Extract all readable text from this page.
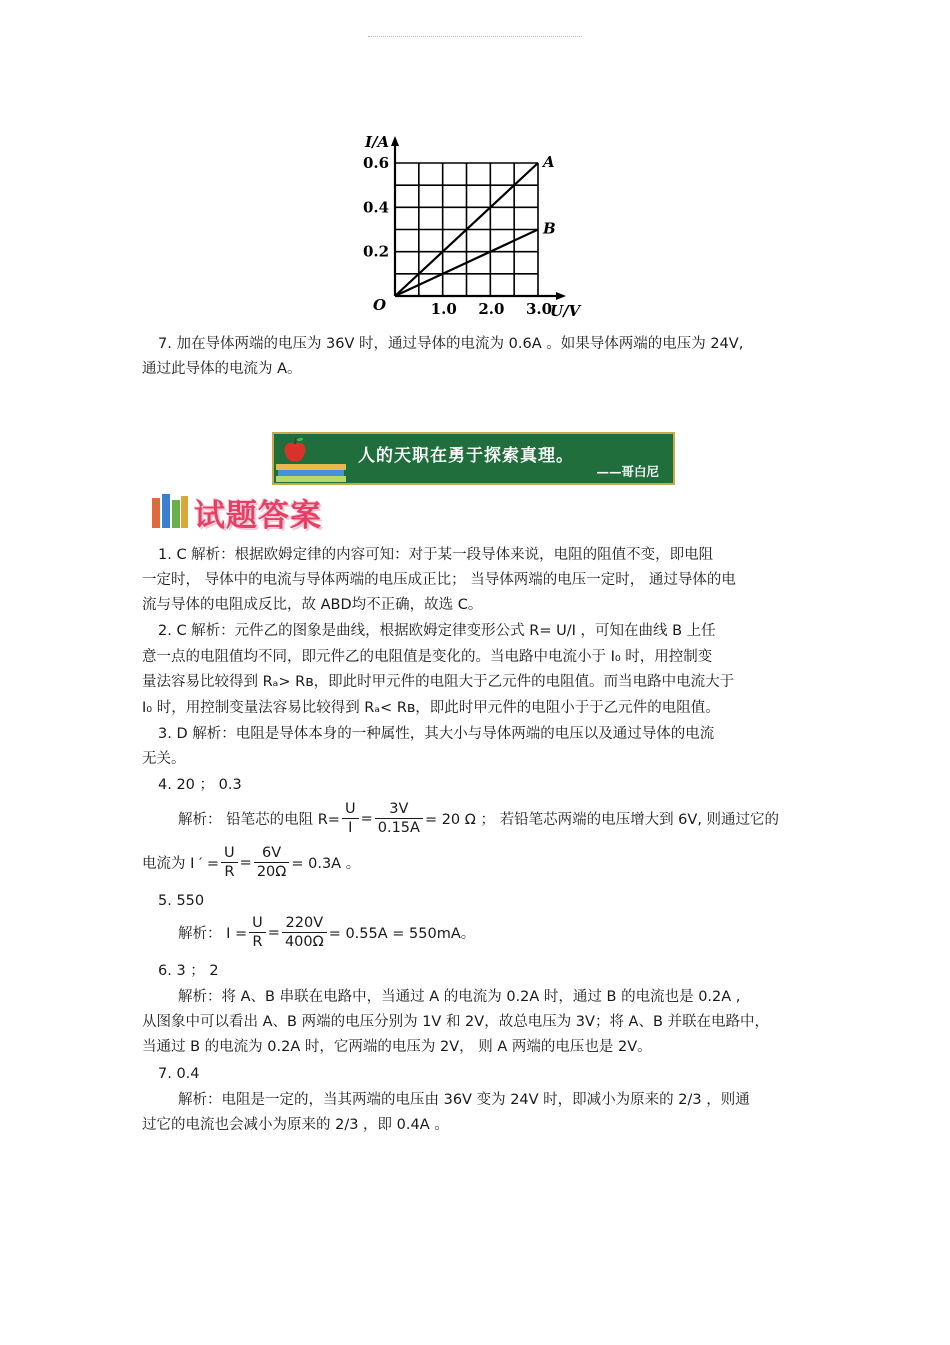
A
B
1.0 2.0 3.0
0.2
0.4
0.6
O
I/A
U/V
7. 加在导体两端的电压为 36V 时，通过导体的电流为 0.6A 。如果导体两端的电压为 24V,
通过此导体的电流为 A。
人的天职在勇于探索真理。
——哥白尼
试题答案
1. C 解析：根据欧姆定律的内容可知：对于某一段导体来说，电阻的阻值不变，即电阻
一定时， 导体中的电流与导体两端的电压成正比； 当导体两端的电压一定时， 通过导体的电
流与导体的电阻成反比，故 ABD均不正确，故选 C。
2. C 解析：元件乙的图象是曲线，根据欧姆定律变形公式 R= U/I ，可知在曲线 B 上任
意一点的电阻值均不同，即元件乙的电阻值是变化的。当电路中电流小于 I₀ 时，用控制变
量法容易比较得到 Rₐ> Rʙ，即此时甲元件的电阻大于乙元件的电阻值。而当电路中电流大于
I₀ 时，用控制变量法容易比较得到 Rₐ< Rʙ，即此时甲元件的电阻小于于乙元件的电阻值。
3. D 解析：电阻是导体本身的一种属性，其大小与导体两端的电压以及通过导体的电流
无关。
4. 20 ； 0.3
解析： 铅笔芯的电阻 $R= \frac{U}{I} = \frac{3V}{0.15A} = 20$ Ω ； 若铅笔芯两端的电压增大到 6V, 则通过它的
电流为 I ′ = $\frac{U}{R} = \frac{6V}{20\Omega} = 0.3A$ 。
5. 550
解析： $I = \frac{U}{R} = \frac{220V}{400\Omega} = 0.55A = 550mA$。
6. 3 ； 2
解析：将 A、B 串联在电路中，当通过 A 的电流为 0.2A 时，通过 B 的电流也是 0.2A ,
从图象中可以看出 A、B 两端的电压分别为 1V 和 2V，故总电压为 3V；将 A、B 并联在电路中，
当通过 B 的电流为 0.2A 时，它两端的电压为 2V， 则 A 两端的电压也是 2V。
7. 0.4
解析：电阻是一定的，当其两端的电压由 36V 变为 24V 时，即减小为原来的 2/3 ，则通
过它的电流也会减小为原来的 2/3 ，即 0.4A 。
